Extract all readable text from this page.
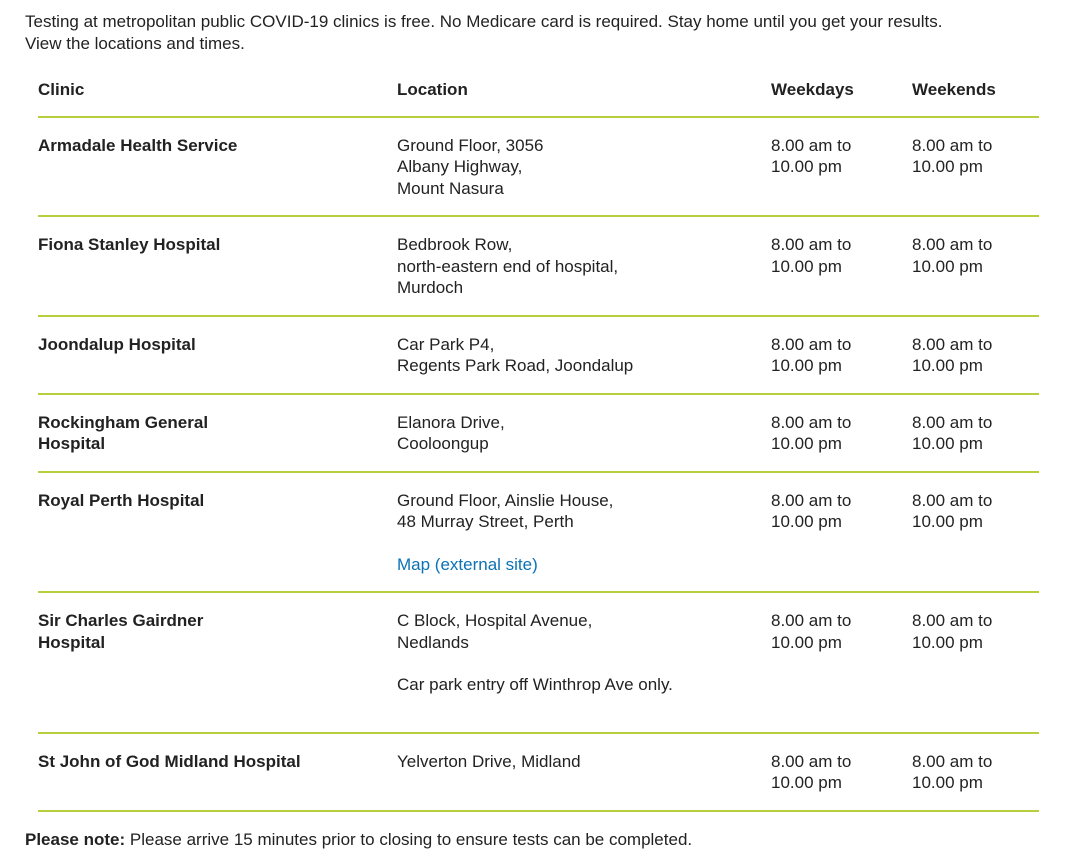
Testing at metropolitan public COVID-19 clinics is free. No Medicare card is required. Stay home until you get your results.

View the locations and times.

Clinic	Location	Weekdays	Weekends

Armadale Health Service	Ground Floor, 3056
Albany Highway,
Mount Nasura	8.00 am to
10.00 pm	8.00 am to
10.00 pm

Fiona Stanley Hospital	Bedbrook Row,
north-eastern end of hospital,
Murdoch	8.00 am to
10.00 pm	8.00 am to
10.00 pm

Joondalup Hospital	Car Park P4,
Regents Park Road, Joondalup	8.00 am to
10.00 pm	8.00 am to
10.00 pm

Rockingham General
Hospital	Elanora Drive,
Cooloongup	8.00 am to
10.00 pm	8.00 am to
10.00 pm

Royal Perth Hospital	Ground Floor, Ainslie House,
48 Murray Street, Perth
Map (external site)	8.00 am to
10.00 pm	8.00 am to
10.00 pm

Sir Charles Gairdner
Hospital	C Block, Hospital Avenue,
Nedlands
Car park entry off Winthrop Ave only.	8.00 am to
10.00 pm	8.00 am to
10.00 pm

St John of God Midland Hospital	Yelverton Drive, Midland	8.00 am to
10.00 pm	8.00 am to
10.00 pm

Please note: Please arrive 15 minutes prior to closing to ensure tests can be completed.
